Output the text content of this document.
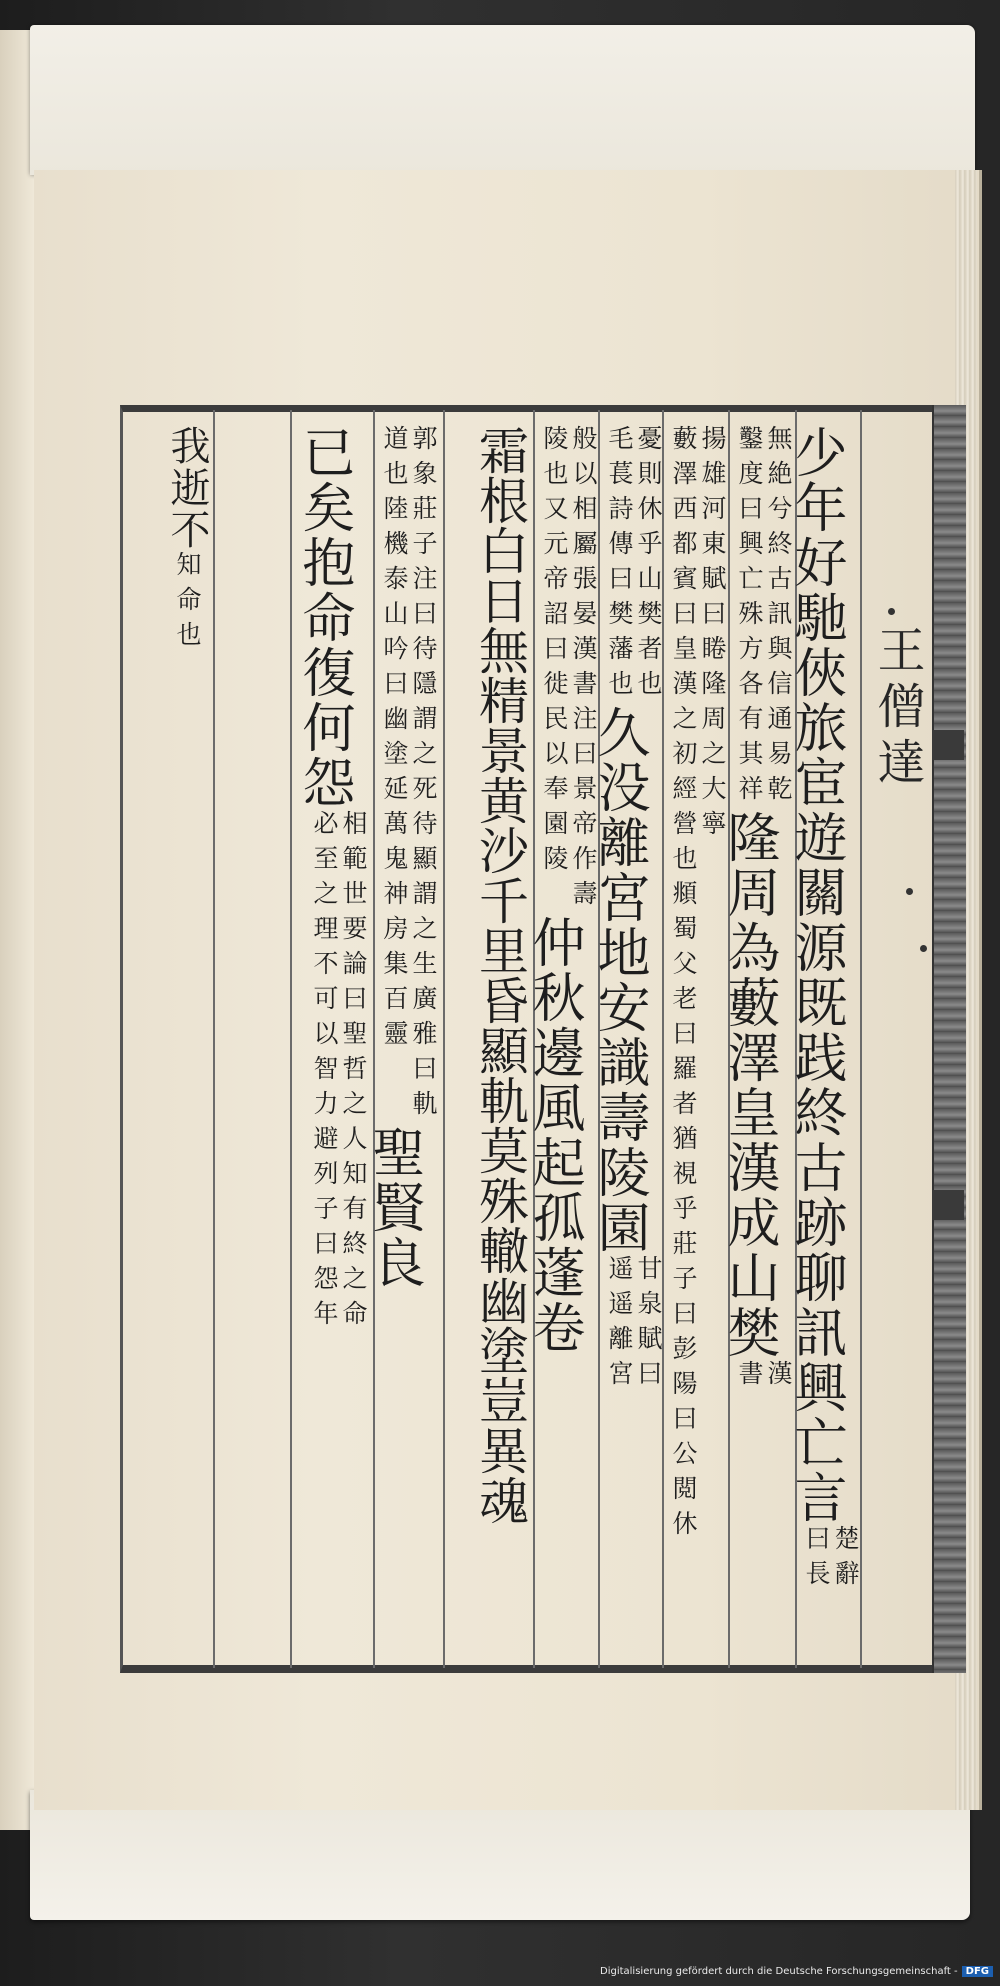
王僧達
少年好馳俠旅宦遊關源既践終古跡聊訊興亡言楚辭
曰長
無絶兮終古訊與信通易乾
鑿度曰興亡殊方各有其祥隆周為藪澤皇漢成山樊漢
書
揚雄河東賦曰睠隆周之大寧
藪澤西都賓曰皇漢之初經營也頫蜀父老曰羅者猶視乎莊子曰彭陽曰公閲休
憂則休乎山樊者也
毛萇詩傳曰樊藩也久没離宮地安識壽陵園甘泉賦曰
遥遥離宮
般以相屬張晏漢書注曰景帝作壽
陵也又元帝詔曰徙民以奉園陵仲秋邊風起孤蓬卷
霜根白日無精景黄沙千里昏顯軌莫殊轍幽塗豈異魂
郭象莊子注曰待隱謂之死待顯謂之生廣雅曰軌
道也陸機泰山吟曰幽塗延萬鬼神房集百靈聖賢良
已矣抱命復何怨相範世要論曰聖哲之人知有終之命
必至之理不可以智力避列子曰怨年
我逝不知命也
Digitalisierung gefördert durch die Deutsche Forschungsgemeinschaft - DFG
